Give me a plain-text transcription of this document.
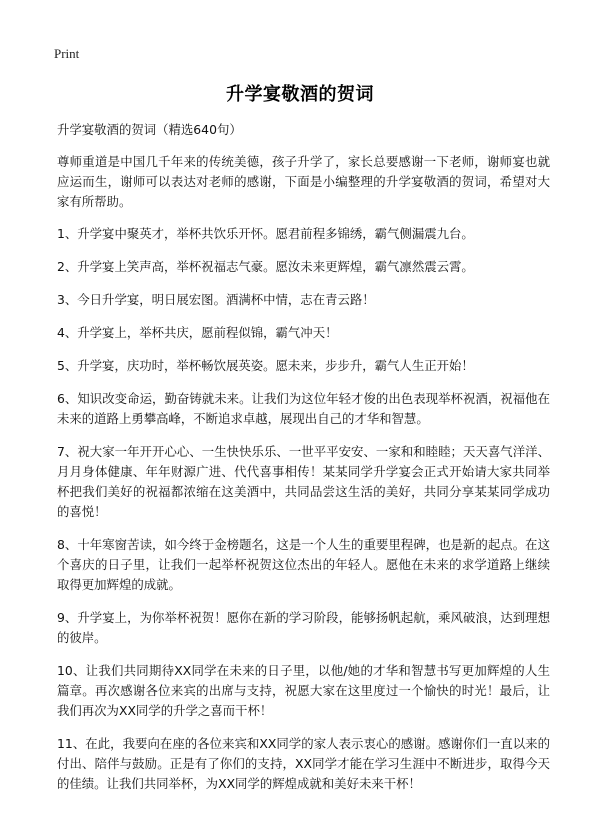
Print
升学宴敬酒的贺词

升学宴敬酒的贺词（精选640句）

尊师重道是中国几千年来的传统美德，孩子升学了，家长总要感谢一下老师，谢师宴也就应运而生，谢师可以表达对老师的感谢，下面是小编整理的升学宴敬酒的贺词，希望对大家有所帮助。

1、升学宴中聚英才，举杯共饮乐开怀。愿君前程多锦绣，霸气侧漏震九台。
2、升学宴上笑声高，举杯祝福志气豪。愿汝未来更辉煌，霸气凛然震云霄。
3、今日升学宴，明日展宏图。酒满杯中情，志在青云路！
4、升学宴上，举杯共庆，愿前程似锦，霸气冲天！
5、升学宴，庆功时，举杯畅饮展英姿。愿未来，步步升，霸气人生正开始！
6、知识改变命运，勤奋铸就未来。让我们为这位年轻才俊的出色表现举杯祝酒，祝福他在未来的道路上勇攀高峰，不断追求卓越，展现出自己的才华和智慧。
7、祝大家一年开开心心、一生快快乐乐、一世平平安安、一家和和睦睦；天天喜气洋洋、月月身体健康、年年财源广进、代代喜事相传！某某同学升学宴会正式开始请大家共同举杯把我们美好的祝福都浓缩在这美酒中，共同品尝这生活的美好，共同分享某某同学成功的喜悦！
8、十年寒窗苦读，如今终于金榜题名，这是一个人生的重要里程碑，也是新的起点。在这个喜庆的日子里，让我们一起举杯祝贺这位杰出的年轻人。愿他在未来的求学道路上继续取得更加辉煌的成就。
9、升学宴上，为你举杯祝贺！愿你在新的学习阶段，能够扬帆起航，乘风破浪，达到理想的彼岸。
10、让我们共同期待XX同学在未来的日子里，以他/她的才华和智慧书写更加辉煌的人生篇章。再次感谢各位来宾的出席与支持，祝愿大家在这里度过一个愉快的时光！最后，让我们再次为XX同学的升学之喜而干杯！
11、在此，我要向在座的各位来宾和XX同学的家人表示衷心的感谢。感谢你们一直以来的付出、陪伴与鼓励。正是有了你们的支持，XX同学才能在学习生涯中不断进步，取得今天的佳绩。让我们共同举杯，为XX同学的辉煌成就和美好未来干杯！
